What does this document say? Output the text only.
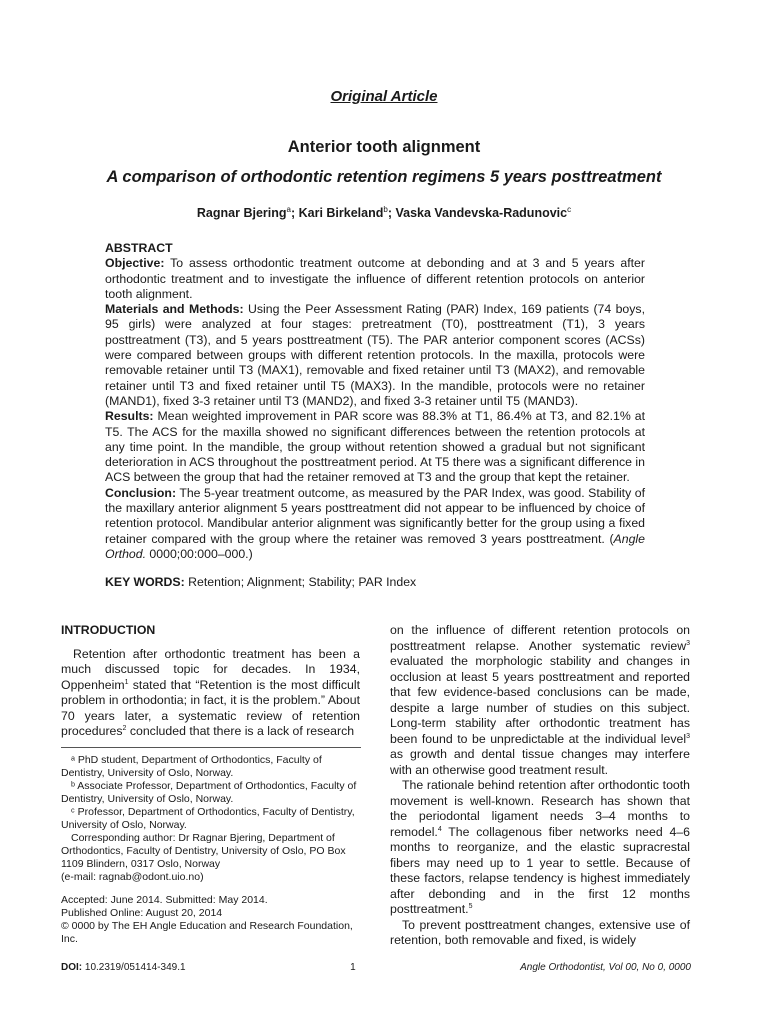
Original Article
Anterior tooth alignment
A comparison of orthodontic retention regimens 5 years posttreatment
Ragnar Bjering$^a$; Kari Birkeland$^b$; Vaska Vandevska-Radunovic$^c$

ABSTRACT

Objective: To assess orthodontic treatment outcome at debonding and at 3 and 5 years after orthodontic treatment and to investigate the influence of different retention protocols on anterior tooth alignment.

Materials and Methods: Using the Peer Assessment Rating (PAR) Index, 169 patients (74 boys, 95 girls) were analyzed at four stages: pretreatment (T0), posttreatment (T1), 3 years posttreatment (T3), and 5 years posttreatment (T5). The PAR anterior component scores (ACSs) were compared between groups with different retention protocols. In the maxilla, protocols were removable retainer until T3 (MAX1), removable and fixed retainer until T3 (MAX2), and removable retainer until T3 and fixed retainer until T5 (MAX3). In the mandible, protocols were no retainer (MAND1), fixed 3-3 retainer until T3 (MAND2), and fixed 3-3 retainer until T5 (MAND3).

Results: Mean weighted improvement in PAR score was 88.3% at T1, 86.4% at T3, and 82.1% at T5. The ACS for the maxilla showed no significant differences between the retention protocols at any time point. In the mandible, the group without retention showed a gradual but not significant deterioration in ACS throughout the posttreatment period. At T5 there was a significant difference in ACS between the group that had the retainer removed at T3 and the group that kept the retainer.

Conclusion: The 5-year treatment outcome, as measured by the PAR Index, was good. Stability of the maxillary anterior alignment 5 years posttreatment did not appear to be influenced by choice of retention protocol. Mandibular anterior alignment was significantly better for the group using a fixed retainer compared with the group where the retainer was removed 3 years posttreatment. (Angle Orthod. 0000;00:000–000.)

KEY WORDS: Retention; Alignment; Stability; PAR Index

INTRODUCTION

Retention after orthodontic treatment has been a much discussed topic for decades. In 1934, Oppenheim$^1$ stated that “Retention is the most difficult problem in orthodontia; in fact, it is the problem.” About 70 years later, a systematic review of retention procedures$^2$ concluded that there is a lack of research

ᵃ PhD student, Department of Orthodontics, Faculty of Dentistry, University of Oslo, Norway.

ᵇ Associate Professor, Department of Orthodontics, Faculty of Dentistry, University of Oslo, Norway.

ᶜ Professor, Department of Orthodontics, Faculty of Dentistry, University of Oslo, Norway.

Corresponding author: Dr Ragnar Bjering, Department of Orthodontics, Faculty of Dentistry, University of Oslo, PO Box 1109 Blindern, 0317 Oslo, Norway

(e-mail: ragnab@odont.uio.no)

Accepted: June 2014. Submitted: May 2014.

Published Online: August 20, 2014

© 0000 by The EH Angle Education and Research Foundation, Inc.

on the influence of different retention protocols on posttreatment relapse. Another systematic review$^3$ evaluated the morphologic stability and changes in occlusion at least 5 years posttreatment and reported that few evidence-based conclusions can be made, despite a large number of studies on this subject. Long-term stability after orthodontic treatment has been found to be unpredictable at the individual level$^3$ as growth and dental tissue changes may interfere with an otherwise good treatment result.

The rationale behind retention after orthodontic tooth movement is well-known. Research has shown that the periodontal ligament needs 3–4 months to remodel.$^4$ The collagenous fiber networks need 4–6 months to reorganize, and the elastic supracrestal fibers may need up to 1 year to settle. Because of these factors, relapse tendency is highest immediately after debonding and in the first 12 months posttreatment.$^5$

To prevent posttreatment changes, extensive use of retention, both removable and fixed, is widely

DOI: 10.2319/051414-349.1	1	Angle Orthodontist, Vol 00, No 0, 0000
